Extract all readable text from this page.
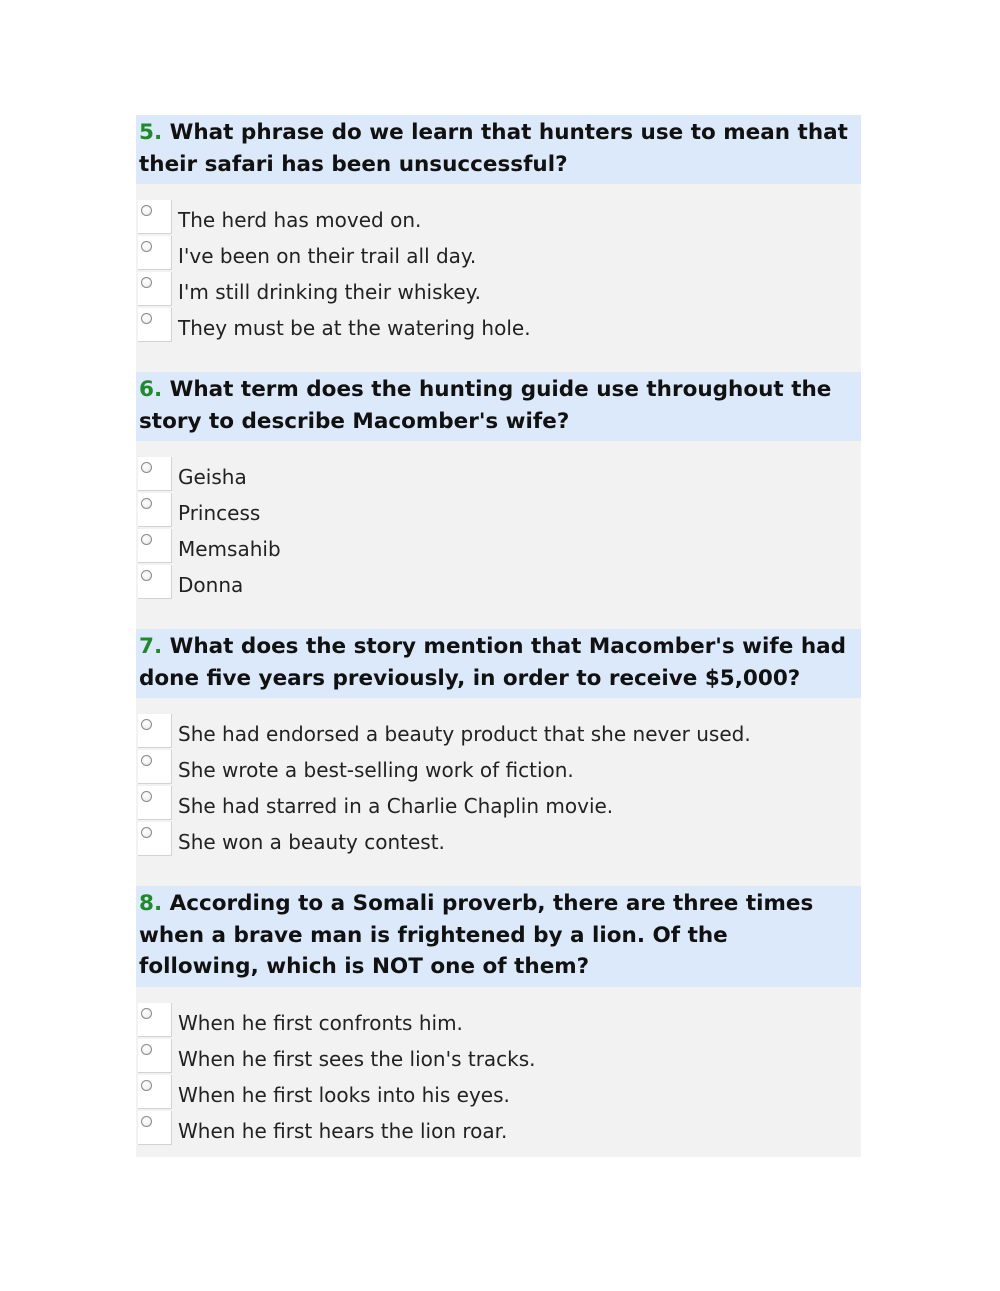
5. What phrase do we learn that hunters use to mean that their safari has been unsuccessful?
The herd has moved on.
I've been on their trail all day.
I'm still drinking their whiskey.
They must be at the watering hole.
6. What term does the hunting guide use throughout the story to describe Macomber's wife?
Geisha
Princess
Memsahib
Donna
7. What does the story mention that Macomber's wife had done five years previously, in order to receive $5,000?
She had endorsed a beauty product that she never used.
She wrote a best-selling work of fiction.
She had starred in a Charlie Chaplin movie.
She won a beauty contest.
8. According to a Somali proverb, there are three times when a brave man is frightened by a lion. Of the following, which is NOT one of them?
When he first confronts him.
When he first sees the lion's tracks.
When he first looks into his eyes.
When he first hears the lion roar.
